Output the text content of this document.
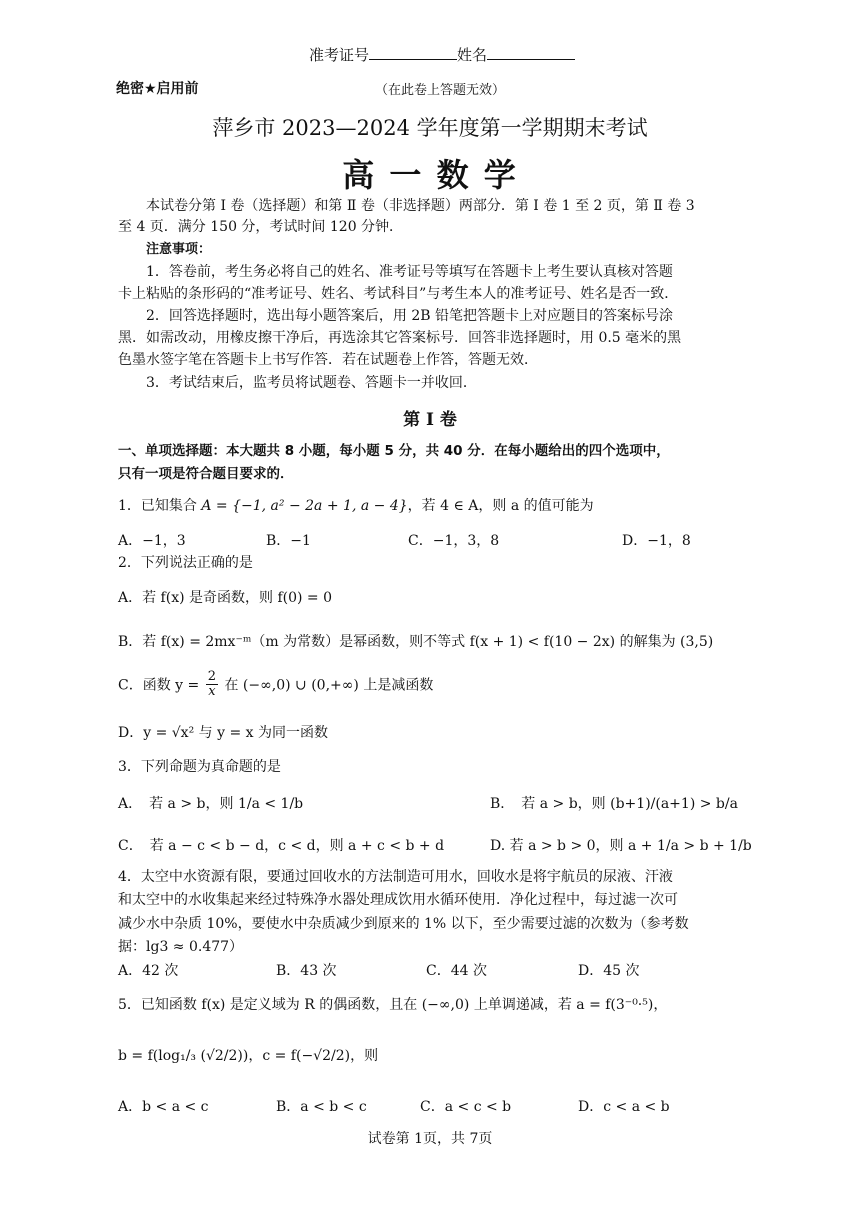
准考证号	姓名
绝密★启用前	（在此卷上答题无效）
萍乡市 2023—2024 学年度第一学期期末考试
高 一 数 学
本试卷分第 Ⅰ 卷（选择题）和第 Ⅱ 卷（非选择题）两部分．第 Ⅰ 卷 1 至 2 页，第 Ⅱ 卷 3
至 4 页．满分 150 分，考试时间 120 分钟．
注意事项：
1．答卷前，考生务必将自己的姓名、准考证号等填写在答题卡上考生要认真核对答题
卡上粘贴的条形码的“准考证号、姓名、考试科目”与考生本人的准考证号、姓名是否一致．
2．回答选择题时，选出每小题答案后，用 2B 铅笔把答题卡上对应题目的答案标号涂
黑．如需改动，用橡皮擦干净后，再选涂其它答案标号．回答非选择题时，用 0.5 毫米的黑
色墨水签字笔在答题卡上书写作答．若在试题卷上作答，答题无效．
3．考试结束后，监考员将试题卷、答题卡一并收回．
第 Ⅰ 卷
一、单项选择题：本大题共 8 小题，每小题 5 分，共 40 分．在每小题给出的四个选项中，
只有一项是符合题目要求的．
1．已知集合 A = {−1, a² − 2a + 1, a − 4}，若 4 ∈ A，则 a 的值可能为
A．−1，3	B．−1	C．−1，3，8	D．−1，8
2．下列说法正确的是
A．若 f(x) 是奇函数，则 f(0) = 0
B．若 f(x) = 2mx⁻ᵐ（m 为常数）是幂函数，则不等式 f(x + 1) < f(10 − 2x) 的解集为 (3,5)
C．函数 $y = \frac{2}{x}$ 在 (−∞,0) ∪ (0,+∞) 上是减函数
D．y = √x² 与 y = x 为同一函数
3．下列命题为真命题的是
A．　若 a > b，则 1/a < 1/b	B．　若 a > b，则 (b+1)/(a+1) > b/a
C．　若 a − c < b − d，c < d，则 a + c < b + d	D. 若 a > b > 0，则 a + 1/a > b + 1/b
4．太空中水资源有限，要通过回收水的方法制造可用水，回收水是将宇航员的尿液、汗液
和太空中的水收集起来经过特殊净水器处理成饮用水循环使用．净化过程中，每过滤一次可
减少水中杂质 10%，要使水中杂质减少到原来的 1% 以下，至少需要过滤的次数为（参考数
据：lg3 ≈ 0.477）
A．42 次	B．43 次	C．44 次	D．45 次
5．已知函数 f(x) 是定义域为 R 的偶函数，且在 (−∞,0) 上单调递减，若 a = f(3⁻⁰·⁵)，
b = f(log₁/₃ (√2/2))，c = f(−√2/2)，则
A．b < a < c	B．a < b < c	C．a < c < b	D．c < a < b
试卷第 1页，共 7页
